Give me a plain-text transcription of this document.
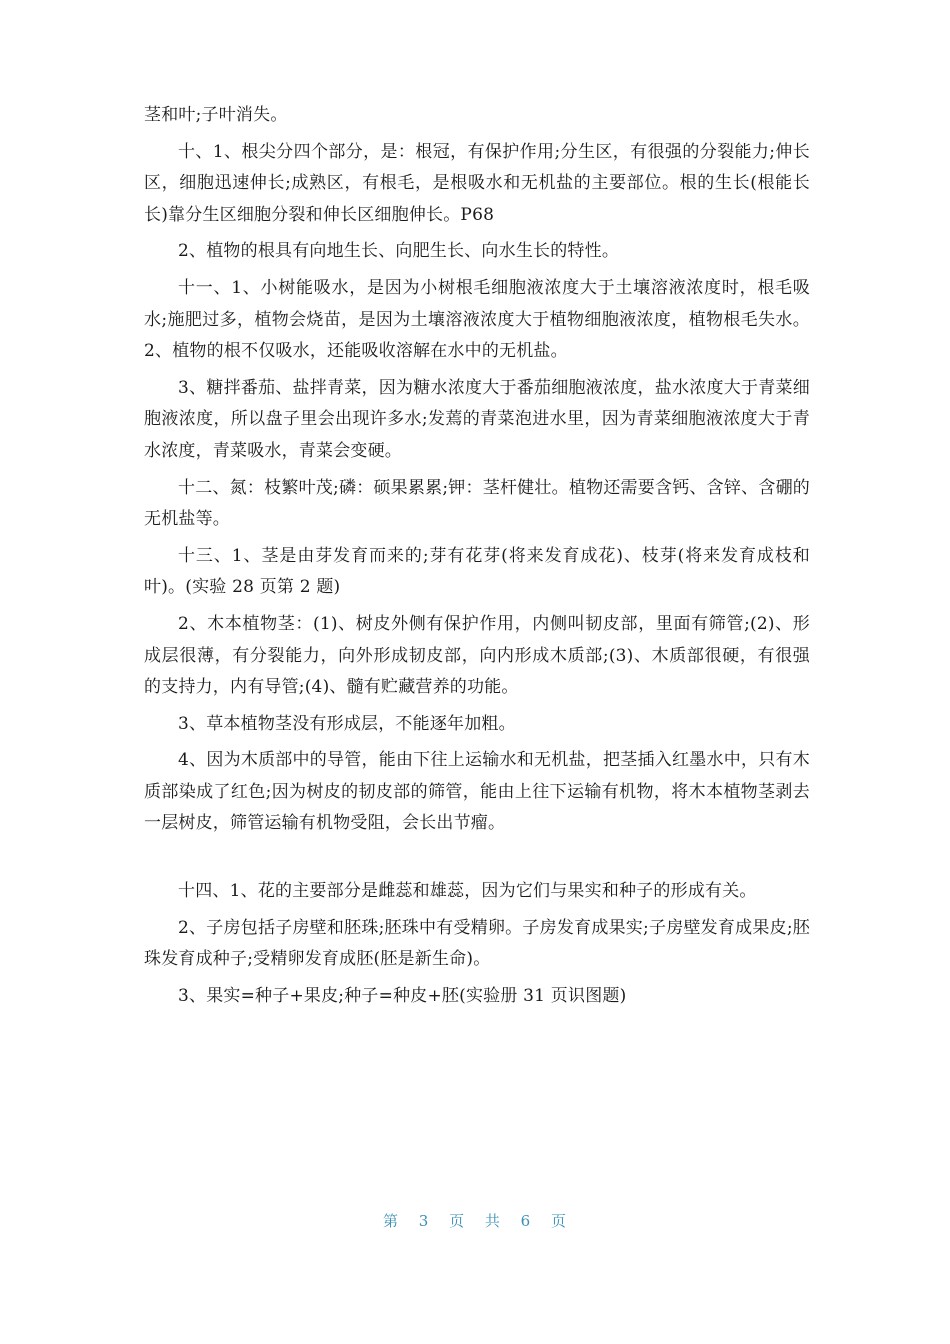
茎和叶;子叶消失。

十、1、根尖分四个部分，是：根冠，有保护作用;分生区，有很强的分裂能力;伸长区，细胞迅速伸长;成熟区，有根毛，是根吸水和无机盐的主要部位。根的生长(根能长长)靠分生区细胞分裂和伸长区细胞伸长。P68

2、植物的根具有向地生长、向肥生长、向水生长的特性。

十一、1、小树能吸水，是因为小树根毛细胞液浓度大于土壤溶液浓度时，根毛吸水;施肥过多，植物会烧苗，是因为土壤溶液浓度大于植物细胞液浓度，植物根毛失水。2、植物的根不仅吸水，还能吸收溶解在水中的无机盐。

3、糖拌番茄、盐拌青菜，因为糖水浓度大于番茄细胞液浓度，盐水浓度大于青菜细胞液浓度，所以盘子里会出现许多水;发蔫的青菜泡进水里，因为青菜细胞液浓度大于青水浓度，青菜吸水，青菜会变硬。

十二、氮：枝繁叶茂;磷：硕果累累;钾：茎杆健壮。植物还需要含钙、含锌、含硼的无机盐等。

十三、1、茎是由芽发育而来的;芽有花芽(将来发育成花)、枝芽(将来发育成枝和叶)。(实验 28 页第 2 题)

2、木本植物茎：(1)、树皮外侧有保护作用，内侧叫韧皮部，里面有筛管;(2)、形成层很薄，有分裂能力，向外形成韧皮部，向内形成木质部;(3)、木质部很硬，有很强的支持力，内有导管;(4)、髓有贮藏营养的功能。

3、草本植物茎没有形成层，不能逐年加粗。

4、因为木质部中的导管，能由下往上运输水和无机盐，把茎插入红墨水中，只有木质部染成了红色;因为树皮的韧皮部的筛管，能由上往下运输有机物，将木本植物茎剥去一层树皮，筛管运输有机物受阻，会长出节瘤。

十四、1、花的主要部分是雌蕊和雄蕊，因为它们与果实和种子的形成有关。

2、子房包括子房壁和胚珠;胚珠中有受精卵。子房发育成果实;子房壁发育成果皮;胚珠发育成种子;受精卵发育成胚(胚是新生命)。

3、果实=种子+果皮;种子=种皮+胚(实验册 31 页识图题)

第 3 页 共 6 页
